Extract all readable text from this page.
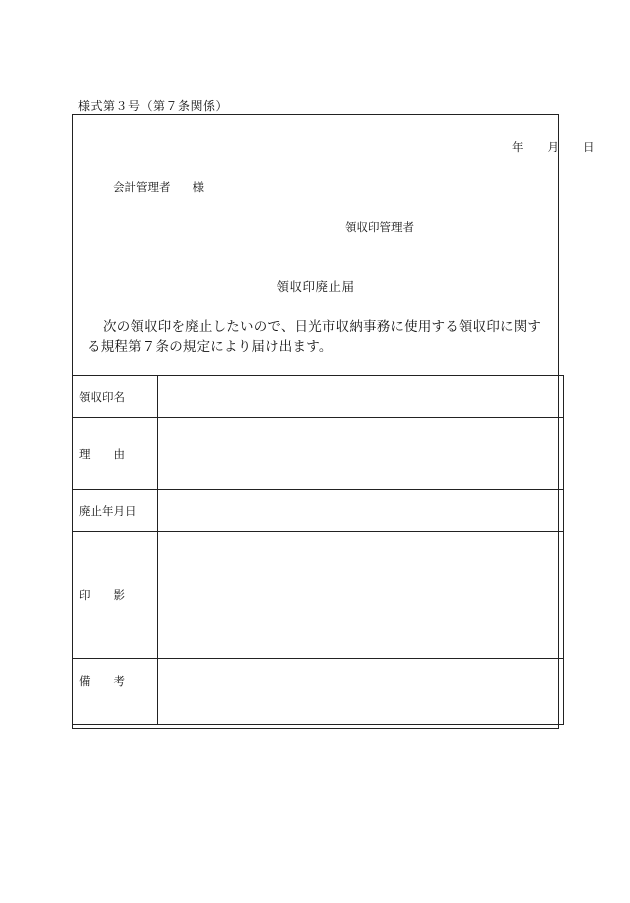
様式第３号（第７条関係）
年 月 日
会計管理者 様
領収印管理者
領収印廃止届
次の領収印を廃止したいので、日光市収納事務に使用する領収印に関する規程第７条の規定により届け出ます。
領収印名	
理　　由	
廃止年月日	
印　　影	
備　　考	
